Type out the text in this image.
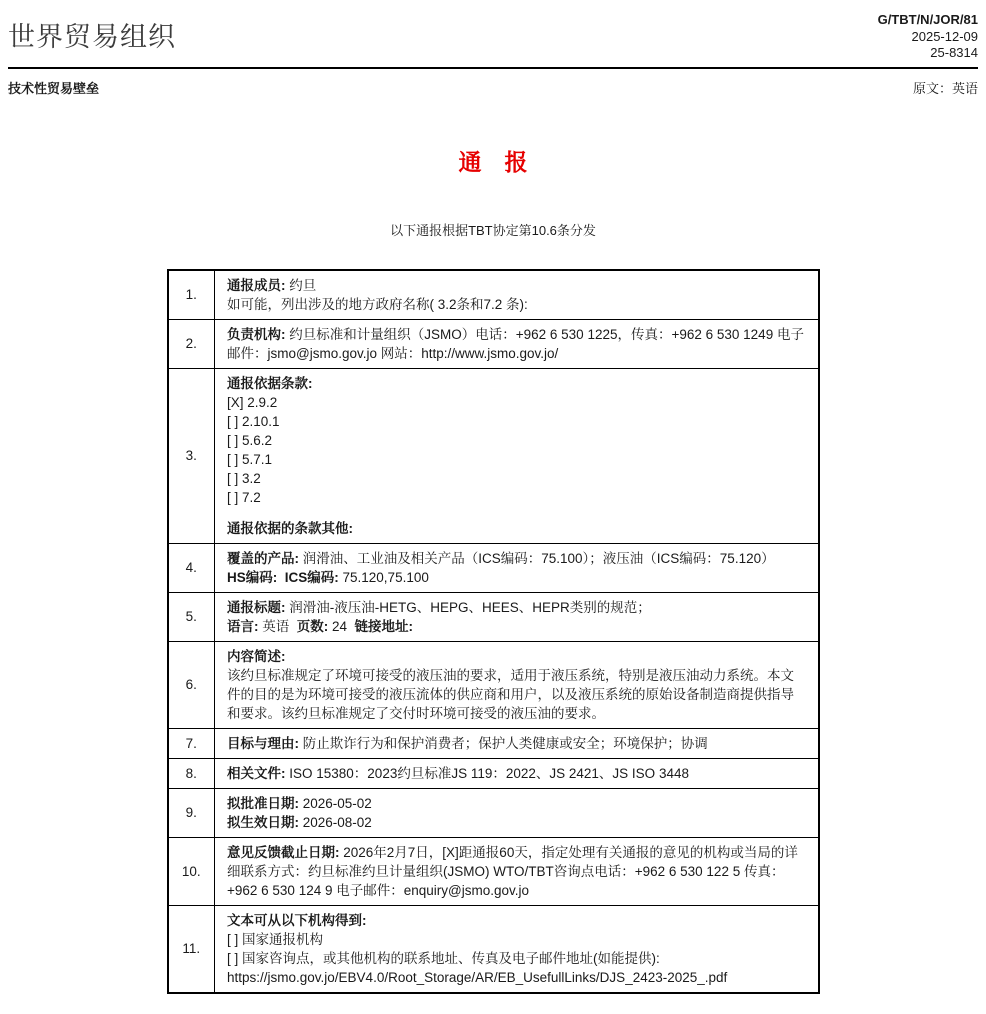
世界贸易组织
G/TBT/N/JOR/81
2025-12-09
25-8314
技术性贸易壁垒	原文：英语
通　报
以下通报根据TBT协定第10.6条分发
1.	通报成员: 约旦
如可能，列出涉及的地方政府名称( 3.2条和7.2 条):

2.	负责机构: 约旦标准和计量组织（JSMO）电话：+962 6 530 1225，传真：+962 6 530 1249 电子邮件：jsmo@jsmo.gov.jo 网站：http://www.jsmo.gov.jo/

3.	
通报依据条款:
[X] 2.9.2
[ ] 2.10.1
[ ] 5.6.2
[ ] 5.7.1
[ ] 3.2
[ ] 7.2
通报依据的条款其他:

4.	覆盖的产品: 润滑油、工业油及相关产品（ICS编码：75.100）；液压油（ICS编码：75.120）
HS编码: ICS编码: 75.120,75.100

5.	通报标题: 润滑油-液压油-HETG、HEPG、HEES、HEPR类别的规范；
语言: 英语  页数: 24  链接地址:

6.	内容简述:
该约旦标准规定了环境可接受的液压油的要求，适用于液压系统，特别是液压油动力系统。本文件的目的是为环境可接受的液压流体的供应商和用户，以及液压系统的原始设备制造商提供指导和要求。该约旦标准规定了交付时环境可接受的液压油的要求。

7.	目标与理由: 防止欺诈行为和保护消费者；保护人类健康或安全；环境保护；协调

8.	相关文件: ISO 15380：2023约旦标准JS 119：2022、JS 2421、JS ISO 3448

9.	拟批准日期: 2026-05-02
拟生效日期: 2026-08-02

10.	意见反馈截止日期: 2026年2月7日，[X]距通报60天，指定处理有关通报的意见的机构或当局的详细联系方式：约旦标准约旦计量组织(JSMO) WTO/TBT咨询点电话：+962 6 530 122 5 传真：+962 6 530 124 9 电子邮件：enquiry@jsmo.gov.jo

11.	文本可从以下机构得到:
[ ] 国家通报机构
[ ] 国家咨询点，或其他机构的联系地址、传真及电子邮件地址(如能提供):
https://jsmo.gov.jo/EBV4.0/Root_Storage/AR/EB_UsefullLinks/DJS_2423-2025_.pdf
